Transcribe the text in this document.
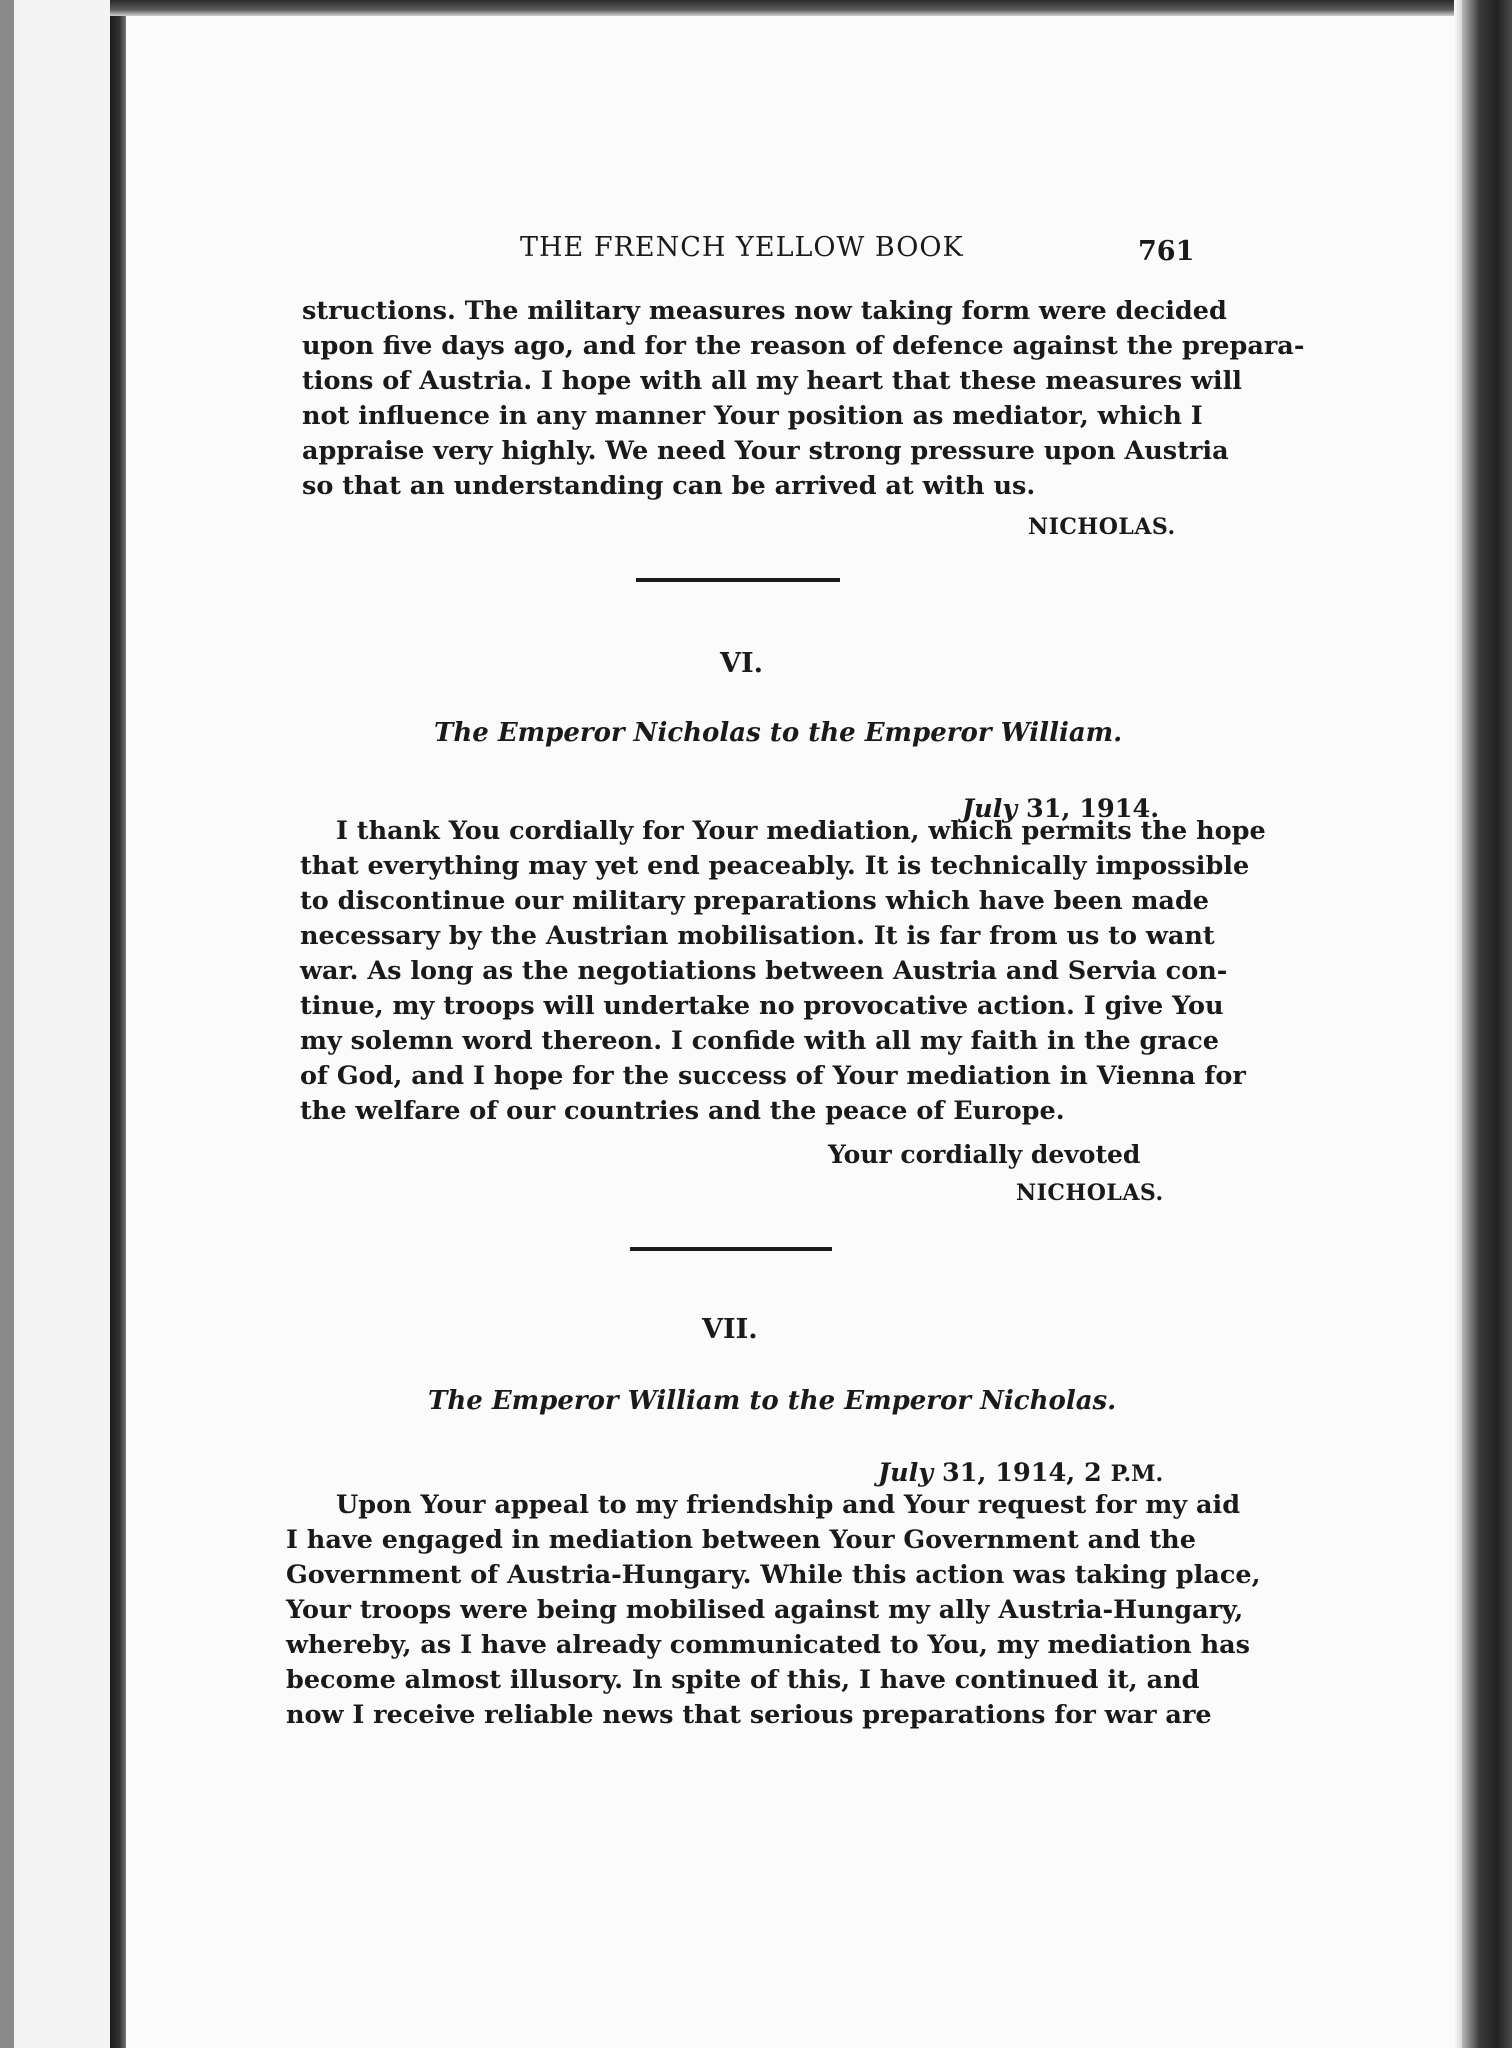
THE FRENCH YELLOW BOOK	761
structions. The military measures now taking form were decided
upon five days ago, and for the reason of defence against the prepara-
tions of Austria. I hope with all my heart that these measures will
not influence in any manner Your position as mediator, which I
appraise very highly. We need Your strong pressure upon Austria
so that an understanding can be arrived at with us.
NICHOLAS.
VI.
The Emperor Nicholas to the Emperor William.
July 31, 1914.
I thank You cordially for Your mediation, which permits the hope
that everything may yet end peaceably. It is technically impossible
to discontinue our military preparations which have been made
necessary by the Austrian mobilisation. It is far from us to want
war. As long as the negotiations between Austria and Servia con-
tinue, my troops will undertake no provocative action. I give You
my solemn word thereon. I confide with all my faith in the grace
of God, and I hope for the success of Your mediation in Vienna for
the welfare of our countries and the peace of Europe.
Your cordially devoted
NICHOLAS.
VII.
The Emperor William to the Emperor Nicholas.
July 31, 1914, 2 P.M.
Upon Your appeal to my friendship and Your request for my aid
I have engaged in mediation between Your Government and the
Government of Austria-Hungary. While this action was taking place,
Your troops were being mobilised against my ally Austria-Hungary,
whereby, as I have already communicated to You, my mediation has
become almost illusory. In spite of this, I have continued it, and
now I receive reliable news that serious preparations for war are
